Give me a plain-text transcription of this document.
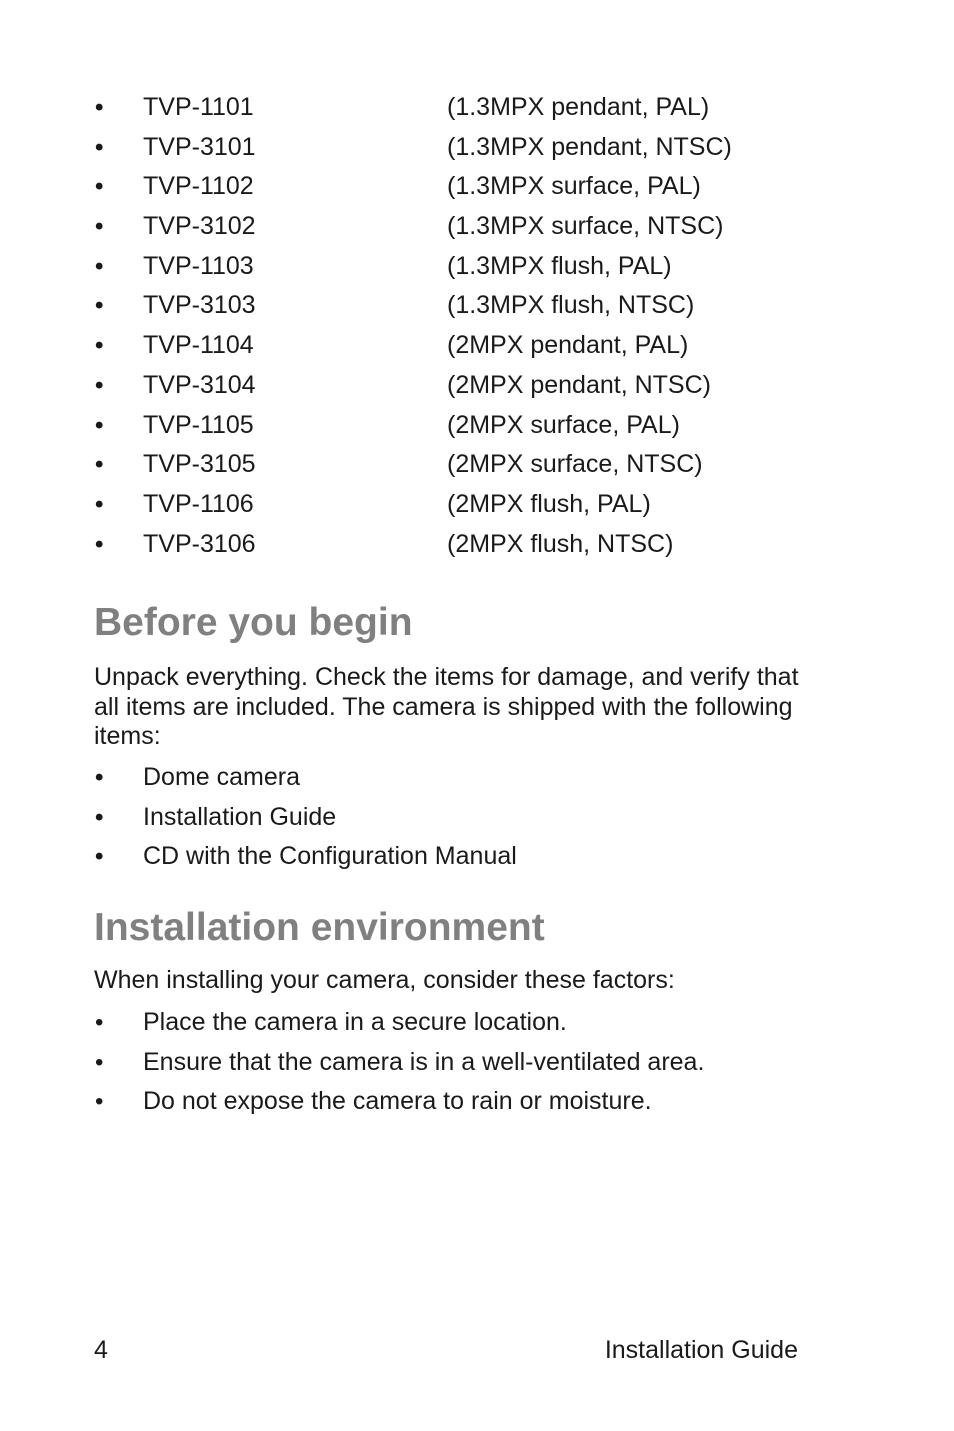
•	TVP-1101	(1.3MPX pendant, PAL)
•	TVP-3101	(1.3MPX pendant, NTSC)
•	TVP-1102	(1.3MPX surface, PAL)
•	TVP-3102	(1.3MPX surface, NTSC)
•	TVP-1103	(1.3MPX flush, PAL)
•	TVP-3103	(1.3MPX flush, NTSC)
•	TVP-1104	(2MPX pendant, PAL)
•	TVP-3104	(2MPX pendant, NTSC)
•	TVP-1105	(2MPX surface, PAL)
•	TVP-3105	(2MPX surface, NTSC)
•	TVP-1106	(2MPX flush, PAL)
•	TVP-3106	(2MPX flush, NTSC)
Before you begin

Unpack everything. Check the items for damage, and verify that all items are included. The camera is shipped with the following items:

•	Dome camera
•	Installation Guide
•	CD with the Configuration Manual
Installation environment

When installing your camera, consider these factors:

•	Place the camera in a secure location.
•	Ensure that the camera is in a well-ventilated area.
•	Do not expose the camera to rain or moisture.
4	Installation Guide
